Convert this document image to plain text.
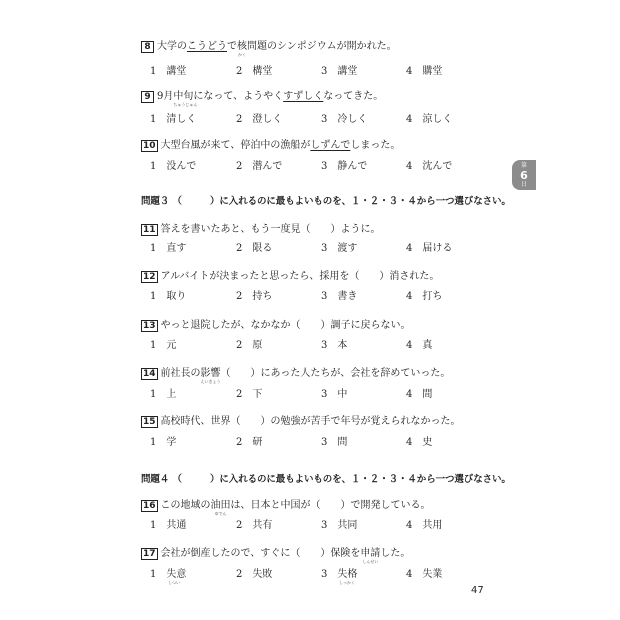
8 大学のこうどうで核
かく
問題のシンポジウムが開かれた。
1 講堂	2 構堂	3 講堂	4 購堂
9 9月中旬
ちゅうじゅん
になって、ようやくすずしくなってきた。
1 清しく	2 澄しく	3 冷しく	4 涼しく
10 大型台風が来て、停泊中の漁船がしずんでしまった。
1 没んで	2 潜んで	3 静んで	4 沈んで	第
6
日
問題３ （　　　）に入れるのに最もよいものを、１・２・３・４から一つ選びなさい。
11 答えを書いたあと、もう一度見（　　）ように。
1 直す	2 限る	3 渡す	4 届ける
12 アルバイトが決まったと思ったら、採用を（　　）消された。
1 取り	2 持ち	3 書き	4 打ち
13 やっと退院したが、なかなか（　　）調子に戻らない。
1 元	2 原	3 本	4 真
14 前社長の影響
えいきょう
（　　）にあった人たちが、会社を辞めていった。
1 上	2 下	3 中	4 間
15 高校時代、世界（　　）の勉強が苦手で年号が覚えられなかった。
1 学	2 研	3 問	4 史
問題４ （　　　）に入れるのに最もよいものを、１・２・３・４から一つ選びなさい。
16 この地域の油田
ゆでん
は、日本と中国が（　　）で開発している。
1 共通	2 共有	3 共同	4 共用
17 会社が倒産したので、すぐに（　　）保険を申請
しんせい
した。
1 失意
しつい
2 失敗	3 失格
しっかく
4 失業
47
